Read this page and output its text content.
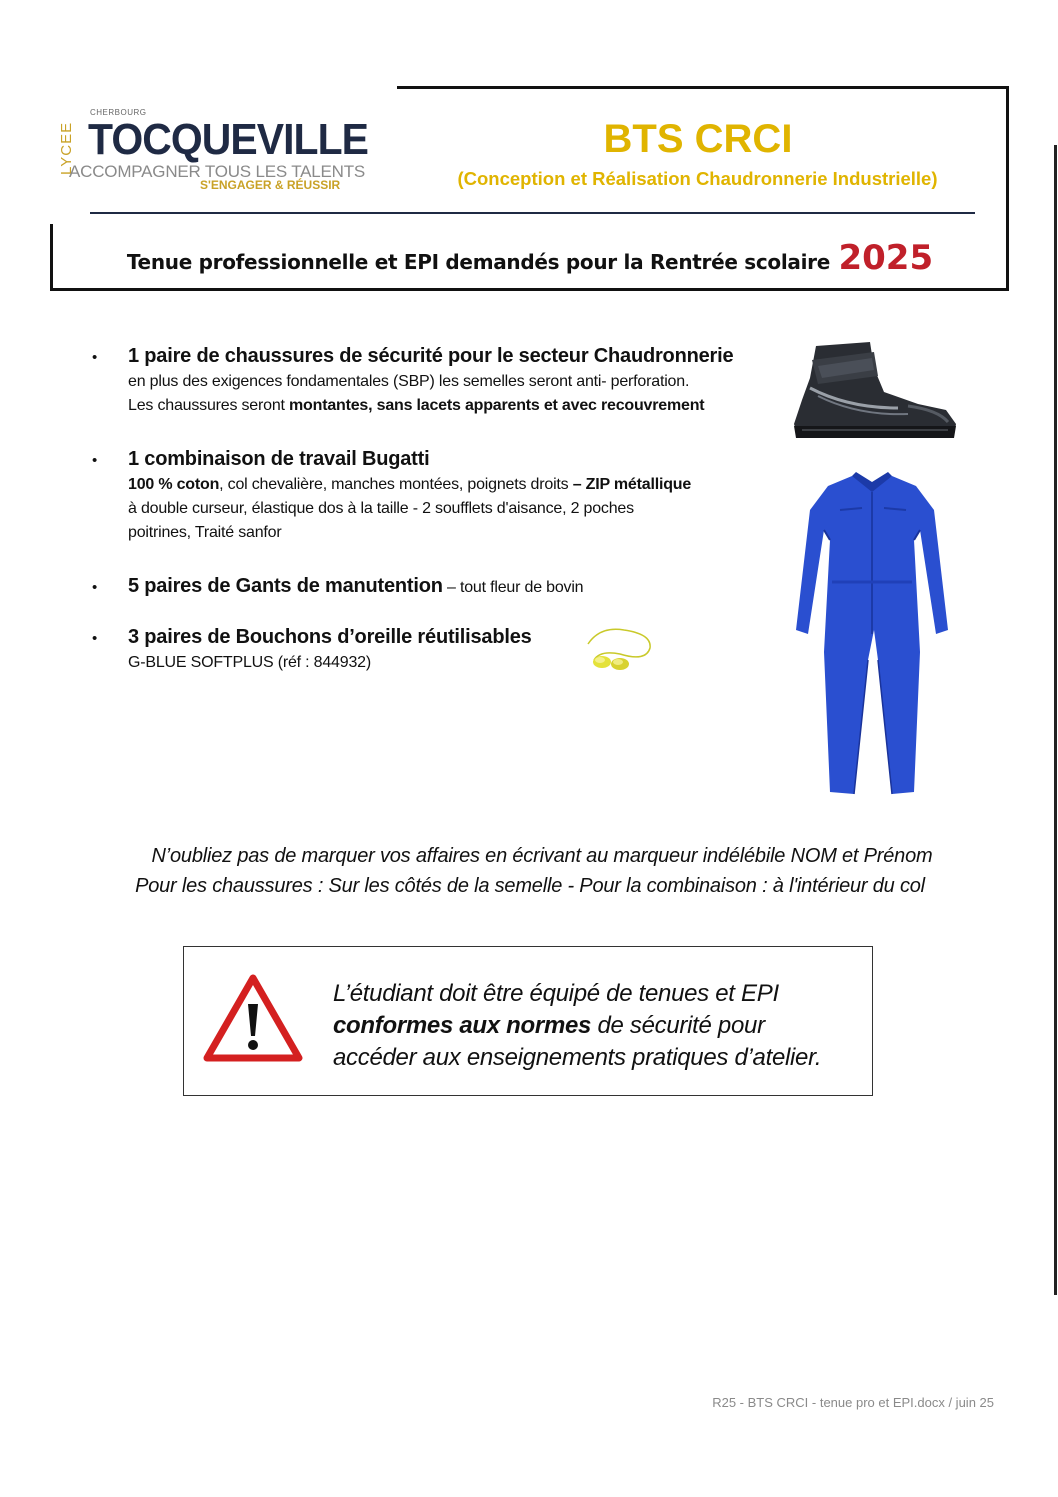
LYCEE
CHERBOURG
TOCQUEVILLE
ACCOMPAGNER TOUS LES TALENTS
S'ENGAGER & RÉUSSIR
BTS CRCI
(Conception et Réalisation Chaudronnerie Industrielle)
Tenue professionnelle et EPI demandés pour la Rentrée scolaire 2025
• 1 paire de chaussures de sécurité pour le secteur Chaudronnerie
en plus des exigences fondamentales (SBP) les semelles seront anti- perforation.
Les chaussures seront montantes, sans lacets apparents et avec recouvrement
• 1 combinaison de travail Bugatti
100 % coton, col chevalière, manches montées, poignets droits – ZIP métallique
à double curseur, élastique dos à la taille - 2 soufflets d'aisance, 2 poches
poitrines, Traité sanfor
• 5 paires de Gants de manutention – tout fleur de bovin
• 3 paires de Bouchons d’oreille réutilisables
G-BLUE SOFTPLUS (réf : 844932)
N’oubliez pas de marquer vos affaires en écrivant au marqueur indélébile NOM et Prénom
Pour les chaussures : Sur les côtés de la semelle - Pour la combinaison : à l'intérieur du col
L’étudiant doit être équipé de tenues et EPI
conformes aux normes de sécurité pour
accéder aux enseignements pratiques d’atelier.
R25 - BTS CRCI - tenue pro et EPI.docx / juin 25
